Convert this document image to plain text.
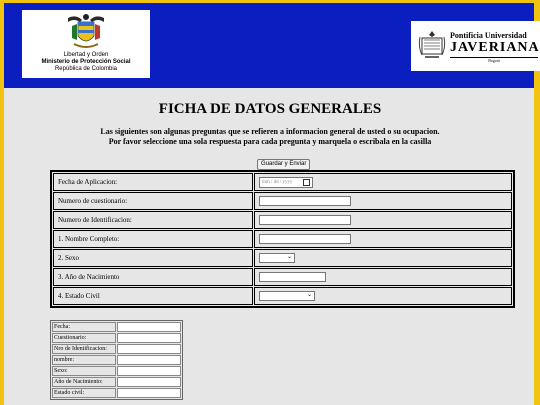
Libertad y Orden
Ministerio de Protección Social
República de Colombia
Pontificia Universidad
JAVERIANA
Bogotá
FICHA DE DATOS GENERALES
Las siguientes son algunas preguntas que se refieren a informacion general de usted o su ocupacion.
Por favor seleccione una sola respuesta para cada pregunta y marquela o escribala en la casilla
Guardar y Enviar
Fecha de Aplicacion:	mm / dd / yyyy

Numero de cuestionario:	
Numero de Identificacion:	
1. Nombre Completo:	
2. Sexo	⌄

3. Año de Nacimiento	
4. Estado Civil	⌄
Fecha:	
Cuestionario:	
Nro de Identificacion:	
nombre:	
Sexo:	
Año de Nacimiento:	
Estado civil:	
